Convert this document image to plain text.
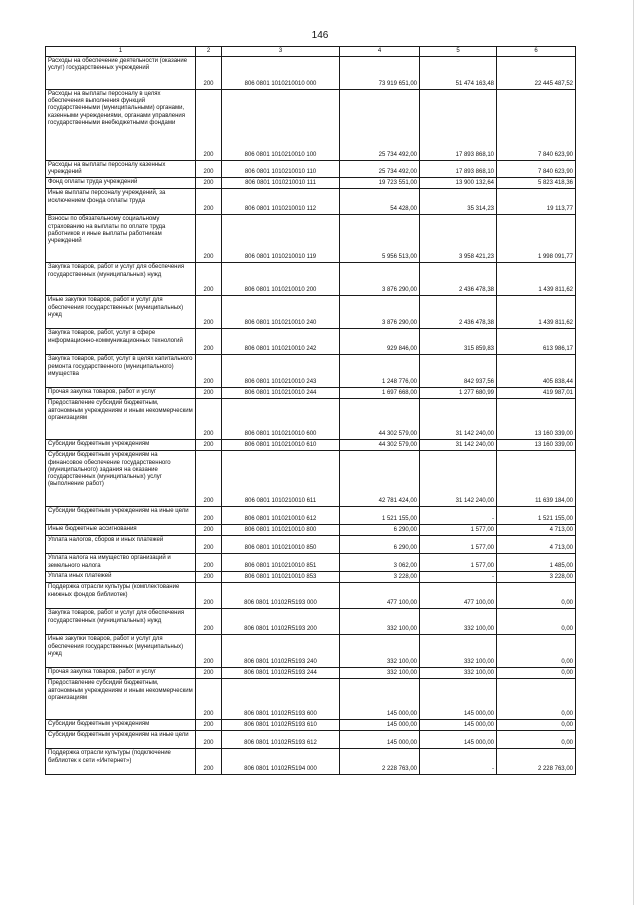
146
1	2	3	4	5	6
Расходы на обеспечение деятельности (оказание услуг) государственных учреждений	200	806 0801 1010210010 000	73 919 651,00	51 474 163,48	22 445 487,52
Расходы на выплаты персоналу в целях обеспечения выполнения функций государственными (муниципальными) органами, казенными учреждениями, органами управления государственными внебюджетными фондами	200	806 0801 1010210010 100	25 734 492,00	17 893 868,10	7 840 623,90
Расходы на выплаты персоналу казенных учреждений	200	806 0801 1010210010 110	25 734 492,00	17 893 868,10	7 840 623,90
Фонд оплаты труда учреждений	200	806 0801 1010210010 111	19 723 551,00	13 900 132,64	5 823 418,36
Иные выплаты персоналу учреждений, за исключением фонда оплаты труда	200	806 0801 1010210010 112	54 428,00	35 314,23	19 113,77
Взносы по обязательному социальному страхованию на выплаты по оплате труда работников и иные выплаты работникам учреждений	200	806 0801 1010210010 119	5 956 513,00	3 958 421,23	1 998 091,77
Закупка товаров, работ и услуг для обеспечения государственных (муниципальных) нужд	200	806 0801 1010210010 200	3 876 290,00	2 436 478,38	1 439 811,62
Иные закупки товаров, работ и услуг для обеспечения государственных (муниципальных) нужд	200	806 0801 1010210010 240	3 876 290,00	2 436 478,38	1 439 811,62
Закупка товаров, работ, услуг в сфере информационно-коммуникационных технологий	200	806 0801 1010210010 242	929 846,00	315 859,83	613 986,17
Закупка товаров, работ, услуг в целях капитального ремонта государственного (муниципального) имущества	200	806 0801 1010210010 243	1 248 776,00	842 937,56	405 838,44
Прочая закупка товаров, работ и услуг	200	806 0801 1010210010 244	1 697 668,00	1 277 680,99	419 987,01
Предоставление субсидий бюджетным, автономным учреждениям и иным некоммерческим организациям	200	806 0801 1010210010 600	44 302 579,00	31 142 240,00	13 160 339,00
Субсидии бюджетным учреждениям	200	806 0801 1010210010 610	44 302 579,00	31 142 240,00	13 160 339,00
Субсидии бюджетным учреждениям на финансовое обеспечение государственного (муниципального) задания на оказание государственных (муниципальных) услуг (выполнение работ)	200	806 0801 1010210010 611	42 781 424,00	31 142 240,00	11 639 184,00
Субсидии бюджетным учреждениям на иные цели	200	806 0801 1010210010 612	1 521 155,00	-	1 521 155,00
Иные бюджетные ассигнования	200	806 0801 1010210010 800	6 290,00	1 577,00	4 713,00
Уплата налогов, сборов и иных платежей	200	806 0801 1010210010 850	6 290,00	1 577,00	4 713,00
Уплата налога на имущество организаций и земельного налога	200	806 0801 1010210010 851	3 062,00	1 577,00	1 485,00
Уплата иных платежей	200	806 0801 1010210010 853	3 228,00	-	3 228,00
Поддержка отрасли культуры (комплектование книжных фондов библиотек)	200	806 0801 10102R5193 000	477 100,00	477 100,00	0,00
Закупка товаров, работ и услуг для обеспечения государственных (муниципальных) нужд	200	806 0801 10102R5193 200	332 100,00	332 100,00	0,00
Иные закупки товаров, работ и услуг для обеспечения государственных (муниципальных) нужд	200	806 0801 10102R5193 240	332 100,00	332 100,00	0,00
Прочая закупка товаров, работ и услуг	200	806 0801 10102R5193 244	332 100,00	332 100,00	0,00
Предоставление субсидий бюджетным, автономным учреждениям и иным некоммерческим организациям	200	806 0801 10102R5193 600	145 000,00	145 000,00	0,00
Субсидии бюджетным учреждениям	200	806 0801 10102R5193 610	145 000,00	145 000,00	0,00
Субсидии бюджетным учреждениям на иные цели	200	806 0801 10102R5193 612	145 000,00	145 000,00	0,00
Поддержка отрасли культуры (подключение библиотек к сети «Интернет»)	200	806 0801 10102R5194 000	2 228 763,00	-	2 228 763,00
